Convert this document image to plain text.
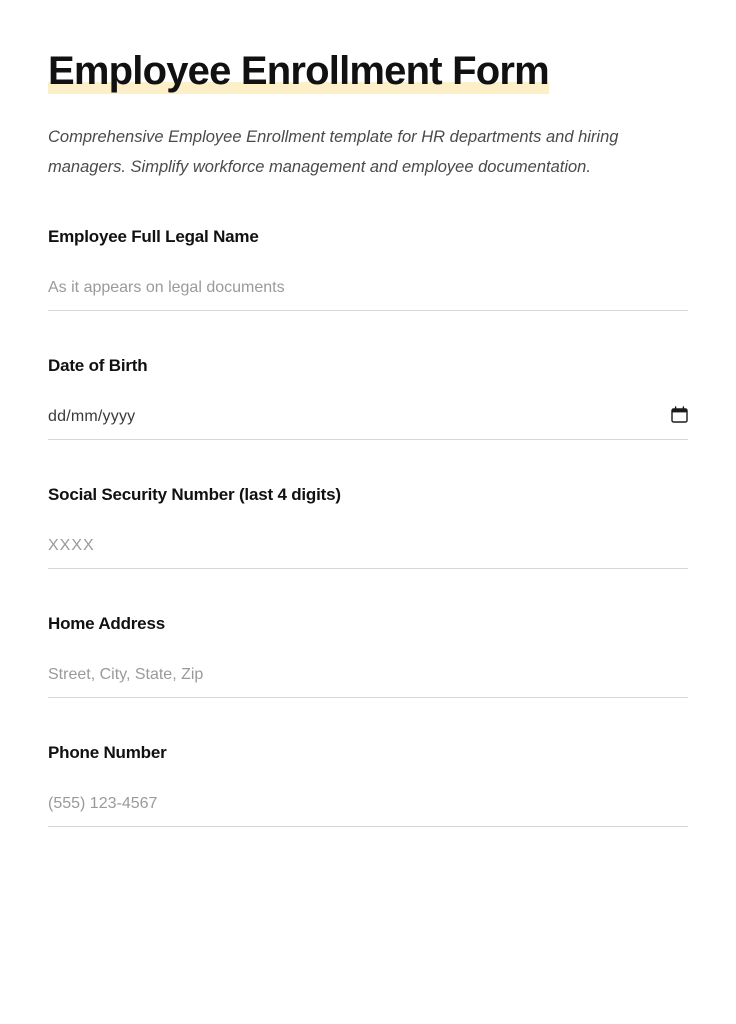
Employee Enrollment Form

Comprehensive Employee Enrollment template for HR departments and hiring managers. Simplify workforce management and employee documentation.

Employee Full Legal Name
As it appears on legal documents
Date of Birth
dd/mm/yyyy
Social Security Number (last 4 digits)
XXXX
Home Address
Street, City, State, Zip
Phone Number
(555) 123-4567
